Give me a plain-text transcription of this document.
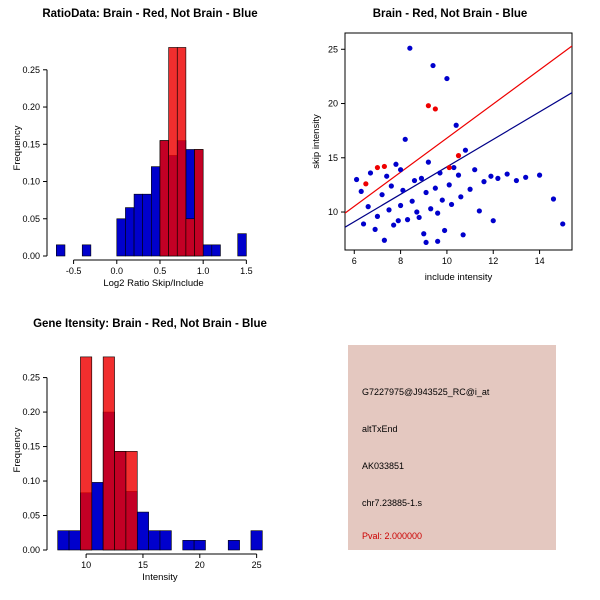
RatioData: Brain - Red, Not Brain - Blue
-0.5	0.0	0.5	1.0	1.5
0.00
0.05
0.10
0.15
0.20
0.25
Log2 Ratio Skip/Include
Frequency
Brain - Red, Not Brain - Blue
6	8	10	12	14
10
15
20
25
include intensity
skip intensity
Gene Itensity: Brain - Red, Not Brain - Blue
10	15	20	25
0.00
0.05
0.10
0.15
0.20
0.25
Intensity
Frequency
G7227975@J943525_RC@i_at
altTxEnd
AK033851
chr7.23885-1.s
Pval: 2.000000
